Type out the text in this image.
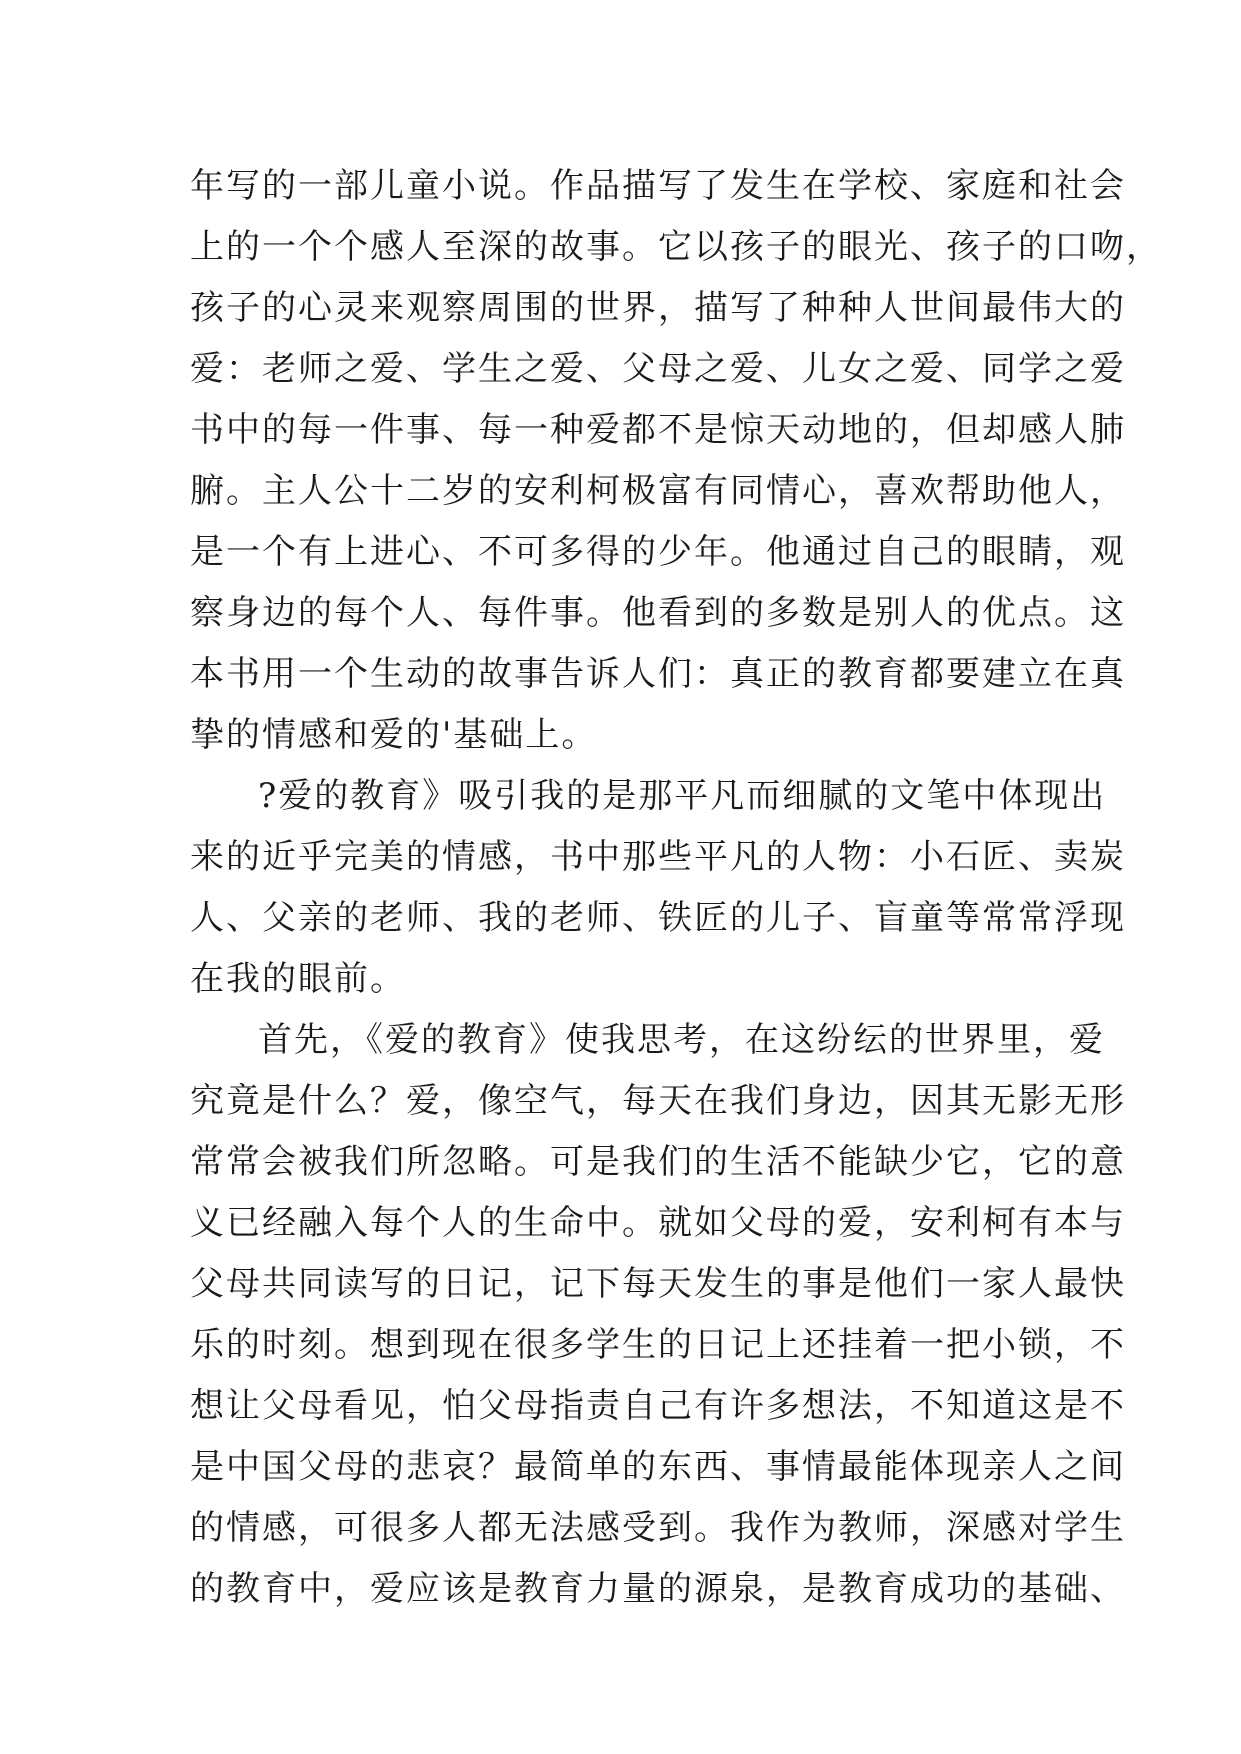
年写的一部儿童小说。作品描写了发生在学校、家庭和社会
上的一个个感人至深的故事。它以孩子的眼光、孩子的口吻，
孩子的心灵来观察周围的世界，描写了种种人世间最伟大的
爱：老师之爱、学生之爱、父母之爱、儿女之爱、同学之爱
书中的每一件事、每一种爱都不是惊天动地的，但却感人肺
腑。主人公十二岁的安利柯极富有同情心，喜欢帮助他人，
是一个有上进心、不可多得的少年。他通过自己的眼睛，观
察身边的每个人、每件事。他看到的多数是别人的优点。这
本书用一个生动的故事告诉人们：真正的教育都要建立在真
挚的情感和爱的'基础上。
?爱的教育》吸引我的是那平凡而细腻的文笔中体现出
来的近乎完美的情感，书中那些平凡的人物：小石匠、卖炭
人、父亲的老师、我的老师、铁匠的儿子、盲童等常常浮现
在我的眼前。
首先，《爱的教育》使我思考，在这纷纭的世界里，爱
究竟是什么？爱，像空气，每天在我们身边，因其无影无形
常常会被我们所忽略。可是我们的生活不能缺少它，它的意
义已经融入每个人的生命中。就如父母的爱，安利柯有本与
父母共同读写的日记，记下每天发生的事是他们一家人最快
乐的时刻。想到现在很多学生的日记上还挂着一把小锁，不
想让父母看见，怕父母指责自己有许多想法，不知道这是不
是中国父母的悲哀？最简单的东西、事情最能体现亲人之间
的情感，可很多人都无法感受到。我作为教师，深感对学生
的教育中，爱应该是教育力量的源泉，是教育成功的基础、
